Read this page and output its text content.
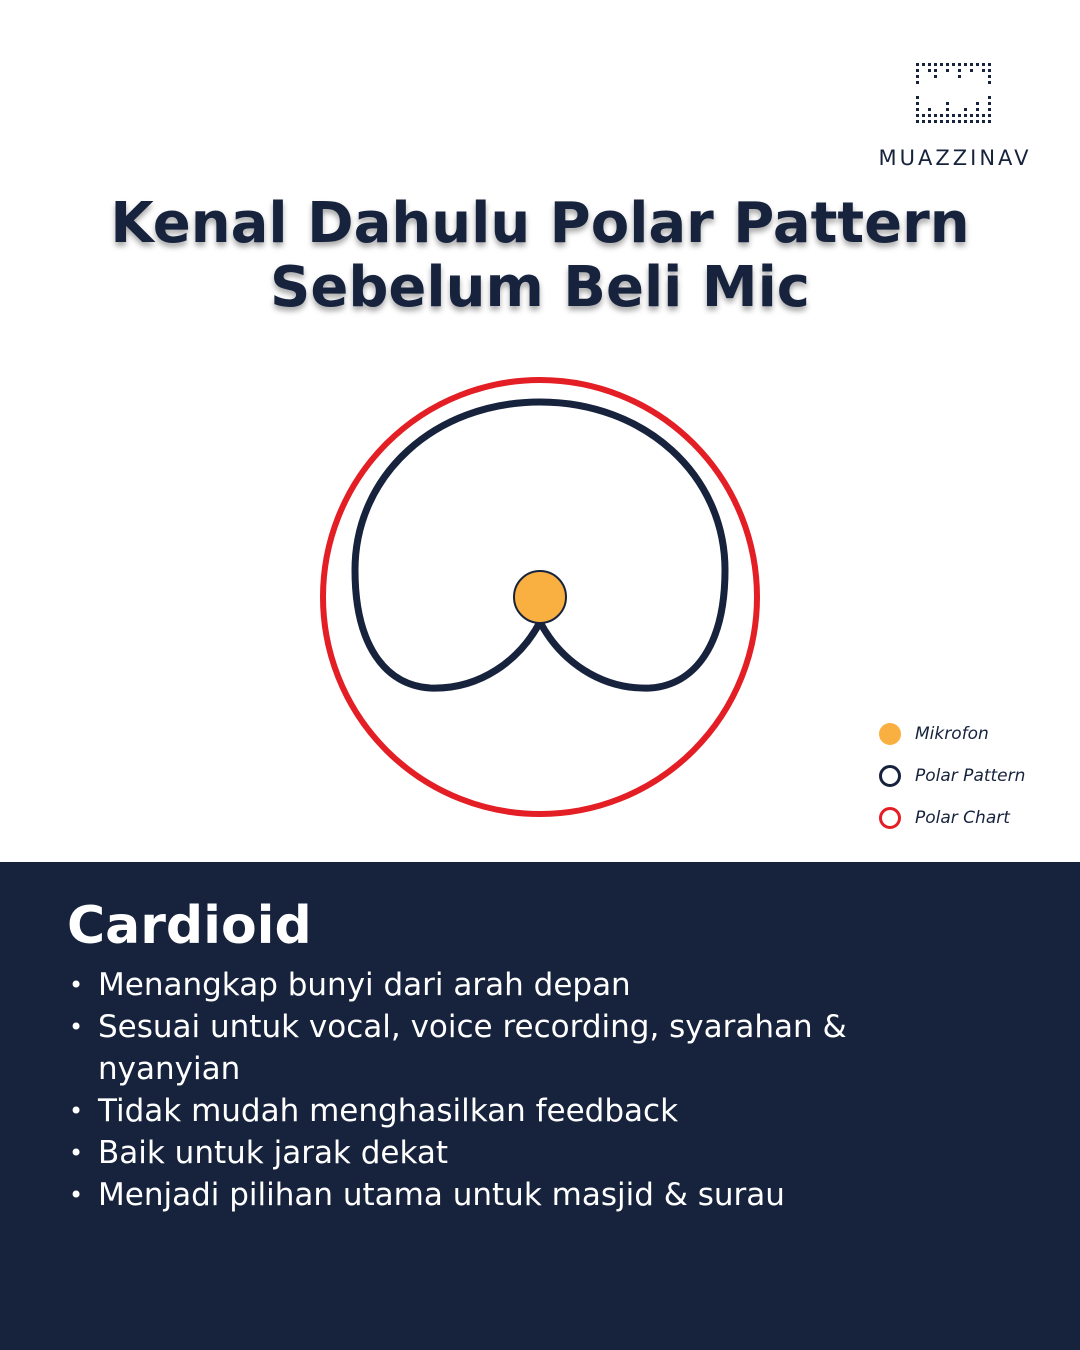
MUAZZINAV
Kenal Dahulu Polar Pattern
Sebelum Beli Mic
Mikrofon
Polar Pattern
Polar Chart
Cardioid
• Menangkap bunyi dari arah depan
• Sesuai untuk vocal, voice recording, syarahan & nyanyian
• Tidak mudah menghasilkan feedback
• Baik untuk jarak dekat
• Menjadi pilihan utama untuk masjid & surau
